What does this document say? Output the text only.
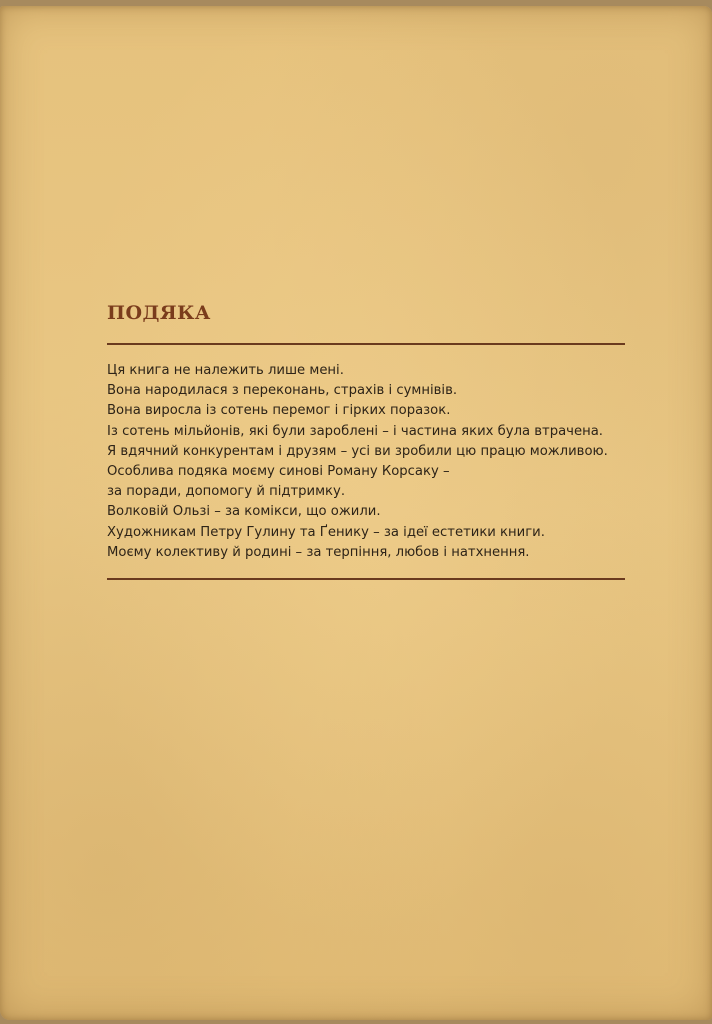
ПОДЯКА
Ця книга не належить лише мені.
Вона народилася з переконань, страхів і сумнівів.
Вона виросла із сотень перемог і гірких поразок.
Із сотень мільйонів, які були зароблені – і частина яких була втрачена.
Я вдячний конкурентам і друзям – усі ви зробили цю працю можливою.
Особлива подяка моєму синові Роману Корсаку –
за поради, допомогу й підтримку.
Волковій Ользі – за комікси, що ожили.
Художникам Петру Гулину та Ґенику – за ідеї естетики книги.
Моєму колективу й родині – за терпіння, любов і натхнення.
